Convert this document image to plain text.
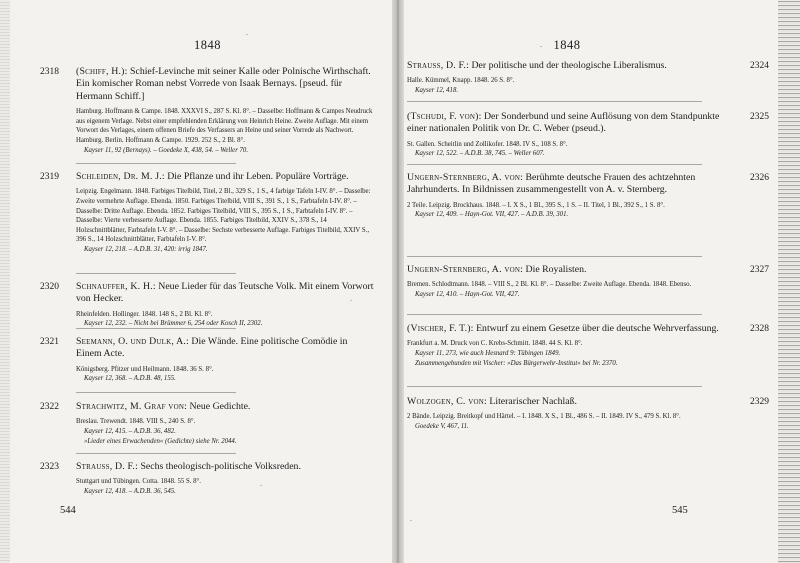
1848
2318	(Schiff, H.): Schief-Levinche mit seiner Kalle oder Polnische Wirthschaft. Ein komischer Roman nebst Vorrede von Isaak Bernays. [pseud. für Hermann Schiff.]
Hamburg. Hoffmann & Campe. 1848. XXXVI S., 287 S. Kl. 8°. – Dasselbe: Hoffmann & Campes Neudruck aus eigenem Verlage. Nebst einer empfehlenden Erklärung von Heinrich Heine. Zweite Auflage. Mit einem Vorwort des Verlages, einem offenen Briefe des Verfassers an Heine und seiner Vorrede als Nachwort. Hamburg. Berlin. Hoffmann & Campe. 1929. 252 S., 2 Bl. 8°.
Kayser 11, 92 (Bernays). – Goedeke X, 438, 54. – Weller 70.
2319	Schleiden, Dr. M. J.: Die Pflanze und ihr Leben. Populäre Vorträge.
Leipzig. Engelmann. 1848. Farbiges Titelbild, Titel, 2 Bl., 329 S., 1 S., 4 farbige Tafeln I-IV. 8°. – Dasselbe: Zweite vermehrte Auflage. Ebenda. 1850. Farbiges Titelbild, VIII S., 391 S., 1 S., Farbtafeln I-IV. 8°. – Dasselbe: Dritte Auflage. Ebenda. 1852. Farbiges Titelbild, VIII S., 395 S., 1 S., Farbtafeln I-IV. 8°. – Dasselbe: Vierte verbesserte Auflage. Ebenda. 1855. Farbiges Titelbild, XXIV S., 378 S., 14 Holzschnittblätter, Farbtafeln I-V. 8°. – Dasselbe: Sechste verbesserte Auflage. Farbiges Titelbild, XXIV S., 396 S., 14 Holzschnittblätter, Farbtafeln I-V. 8°.
Kayser 12, 218. – A.D.B. 31, 420: irrig 1847.
2320	Schnauffer, K. H.: Neue Lieder für das Teutsche Volk. Mit einem Vorwort von Hecker.
Rheinfelden. Hollinger. 1848. 148 S., 2 Bl. Kl. 8°.
Kayser 12, 232. – Nicht bei Brümmer 6, 254 oder Kosch II, 2302.
2321	Seemann, O. und Dulk, A.: Die Wände. Eine politische Comödie in Einem Acte.
Königsberg. Pfitzer und Heilmann. 1848. 36 S. 8°.
Kayser 12, 368. – A.D.B. 48, 155.
2322	Strachwitz, M. Graf von: Neue Gedichte.
Breslau. Trewendt. 1848. VIII S., 240 S. 8°.
Kayser 12, 415. – A.D.B. 36, 482.
»Lieder eines Erwachenden« (Gedichte) siehe Nr. 2044.
2323	Strauss, D. F.: Sechs theologisch-politische Volksreden.
Stuttgart und Tübingen. Cotta. 1848. 55 S. 8°.
Kayser 12, 418. – A.D.B. 36, 545.
544
1848
2324
Strauss, D. F.: Der politische und der theologische Liberalismus.
Halle. Kümmel, Knapp. 1848. 26 S. 8°.
Kayser 12, 418.
2325
(Tschudi, F. von): Der Sonderbund und seine Auflösung von dem Standpunkte einer nationalen Politik von Dr. C. Weber (pseud.).
St. Gallen. Scheitlin und Zollikofer. 1848. IV S., 108 S. 8°.
Kayser 12, 522. – A.D.B. 38, 745. – Weller 607.
2326
Ungern-Sternberg, A. von: Berühmte deutsche Frauen des achtzehnten Jahrhunderts. In Bildnissen zusammengestellt von A. v. Sternberg.
2 Teile. Leipzig. Brockhaus. 1848. – I. X S., 1 Bl., 395 S., 1 S. – II. Titel, 1 Bl., 392 S., 1 S. 8°.
Kayser 12, 409. – Hayn-Got. VII, 427. – A.D.B. 39, 301.
2327
Ungern-Sternberg, A. von: Die Royalisten.
Bremen. Schlodtmann. 1848. – VIII S., 2 Bl. Kl. 8°. – Dasselbe: Zweite Auflage. Ebenda. 1848. Ebenso.
Kayser 12, 410. – Hayn-Got. VII, 427.
2328
(Vischer, F. T.): Entwurf zu einem Gesetze über die deutsche Wehrverfassung.
Frankfurt a. M. Druck von C. Krebs-Schmitt. 1848. 44 S. Kl. 8°.
Kayser 11, 273, wie auch Hesnard 9: Tübingen 1849.
Zusammengebunden mit Vischer: »Das Bürgerwehr-Institut« bei Nr. 2370.
2329
Wolzogen, C. von: Literarischer Nachlaß.
2 Bände. Leipzig. Breitkopf und Härtel. – I. 1848. X S., 1 Bl., 486 S. – II. 1849. IV S., 479 S. Kl. 8°.
Goedeke V, 467, 11.
545
